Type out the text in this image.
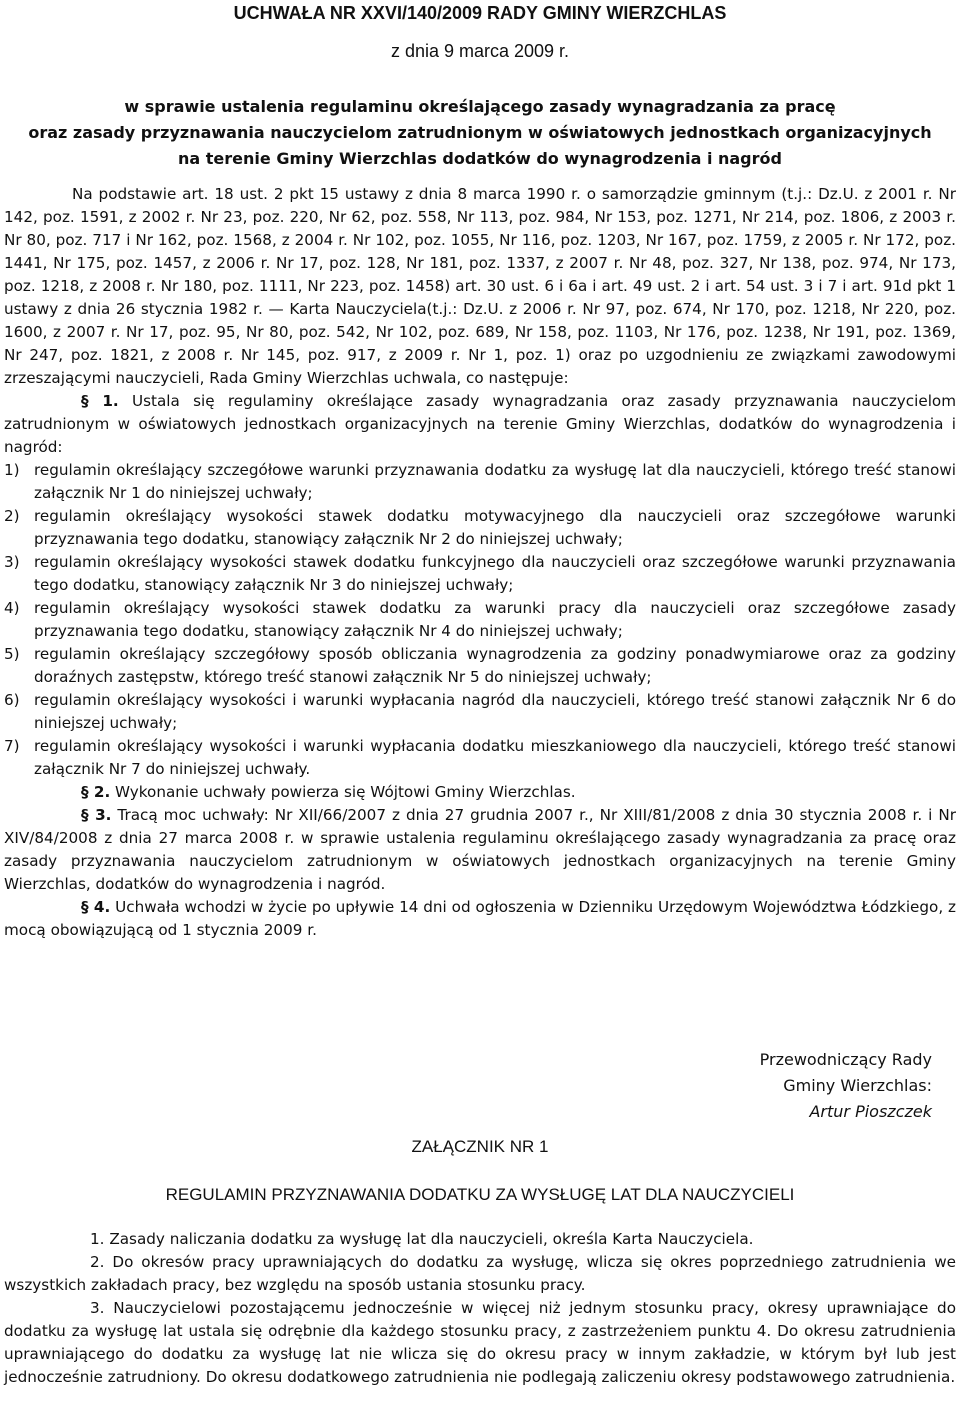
UCHWAŁA NR XXVI/140/2009 RADY GMINY WIERZCHLAS
z dnia 9 marca 2009 r.
w sprawie ustalenia regulaminu określającego zasady wynagradzania za pracę
oraz zasady przyznawania nauczycielom zatrudnionym w oświatowych jednostkach organizacyjnych
na terenie Gminy Wierzchlas dodatków do wynagrodzenia i nagród

Na podstawie art. 18 ust. 2 pkt 15 ustawy z dnia 8 marca 1990 r. o samorządzie gminnym (t.j.: Dz.U. z 2001 r. Nr 142, poz. 1591, z 2002 r. Nr 23, poz. 220, Nr 62, poz. 558, Nr 113, poz. 984, Nr 153, poz. 1271, Nr 214, poz. 1806, z 2003 r. Nr 80, poz. 717 i Nr 162, poz. 1568, z 2004 r. Nr 102, poz. 1055, Nr 116, poz. 1203, Nr 167, poz. 1759, z 2005 r. Nr 172, poz. 1441, Nr 175, poz. 1457, z 2006 r. Nr 17, poz. 128, Nr 181, poz. 1337, z 2007 r. Nr 48, poz. 327, Nr 138, poz. 974, Nr 173, poz. 1218, z 2008 r. Nr 180, poz. 1111, Nr 223, poz. 1458) art. 30 ust. 6 i 6a i art. 49 ust. 2 i art. 54 ust. 3 i 7 i art. 91d pkt 1 ustawy z dnia 26 stycznia 1982 r. — Karta Nauczyciela(t.j.: Dz.U. z 2006 r. Nr 97, poz. 674, Nr 170, poz. 1218, Nr 220, poz. 1600, z 2007 r. Nr 17, poz. 95, Nr 80, poz. 542, Nr 102, poz. 689, Nr 158, poz. 1103, Nr 176, poz. 1238, Nr 191, poz. 1369, Nr 247, poz. 1821, z 2008 r. Nr 145, poz. 917, z 2009 r. Nr 1, poz. 1) oraz po uzgodnieniu ze związkami zawodowymi zrzeszającymi nauczycieli, Rada Gminy Wierzchlas uchwala, co następuje:

§ 1. Ustala się regulaminy określające zasady wynagradzania oraz zasady przyznawania nauczycielom zatrudnionym w oświatowych jednostkach organizacyjnych na terenie Gminy Wierzchlas, dodatków do wynagrodzenia i nagród:

1) regulamin określający szczegółowe warunki przyznawania dodatku za wysługę lat dla nauczycieli, którego treść stanowi załącznik Nr 1 do niniejszej uchwały;
2) regulamin określający wysokości stawek dodatku motywacyjnego dla nauczycieli oraz szczegółowe warunki przyznawania tego dodatku, stanowiący załącznik Nr 2 do niniejszej uchwały;
3) regulamin określający wysokości stawek dodatku funkcyjnego dla nauczycieli oraz szczegółowe warunki przyznawania tego dodatku, stanowiący załącznik Nr 3 do niniejszej uchwały;
4) regulamin określający wysokości stawek dodatku za warunki pracy dla nauczycieli oraz szczegółowe zasady przyznawania tego dodatku, stanowiący załącznik Nr 4 do niniejszej uchwały;
5) regulamin określający szczegółowy sposób obliczania wynagrodzenia za godziny ponadwymiarowe oraz za godziny doraźnych zastępstw, którego treść stanowi załącznik Nr 5 do niniejszej uchwały;
6) regulamin określający wysokości i warunki wypłacania nagród dla nauczycieli, którego treść stanowi załącznik Nr 6 do niniejszej uchwały;
7) regulamin określający wysokości i warunki wypłacania dodatku mieszkaniowego dla nauczycieli, którego treść stanowi załącznik Nr 7 do niniejszej uchwały.

§ 2. Wykonanie uchwały powierza się Wójtowi Gminy Wierzchlas.

§ 3. Tracą moc uchwały: Nr XII/66/2007 z dnia 27 grudnia 2007 r., Nr XIII/81/2008 z dnia 30 stycznia 2008 r. i Nr XIV/84/2008 z dnia 27 marca 2008 r. w sprawie ustalenia regulaminu określającego zasady wynagradzania za pracę oraz zasady przyznawania nauczycielom zatrudnionym w oświatowych jednostkach organizacyjnych na terenie Gminy Wierzchlas, dodatków do wynagrodzenia i nagród.

§ 4. Uchwała wchodzi w życie po upływie 14 dni od ogłoszenia w Dzienniku Urzędowym Województwa Łódzkiego, z mocą obowiązującą od 1 stycznia 2009 r.

Przewodniczący Rady
Gminy Wierzchlas:
Artur Pioszczek
ZAŁĄCZNIK NR 1
REGULAMIN PRZYZNAWANIA DODATKU ZA WYSŁUGĘ LAT DLA NAUCZYCIELI

1. Zasady naliczania dodatku za wysługę lat dla nauczycieli, określa Karta Nauczyciela.

2. Do okresów pracy uprawniających do dodatku za wysługę, wlicza się okres poprzedniego zatrudnienia we wszystkich zakładach pracy, bez względu na sposób ustania stosunku pracy.

3. Nauczycielowi pozostającemu jednocześnie w więcej niż jednym stosunku pracy, okresy uprawniające do dodatku za wysługę lat ustala się odrębnie dla każdego stosunku pracy, z zastrzeżeniem punktu 4. Do okresu zatrudnienia uprawniającego do dodatku za wysługę lat nie wlicza się do okresu pracy w innym zakładzie, w którym był lub jest jednocześnie zatrudniony. Do okresu dodatkowego zatrudnienia nie podlegają zaliczeniu okresy podstawowego zatrudnienia.
